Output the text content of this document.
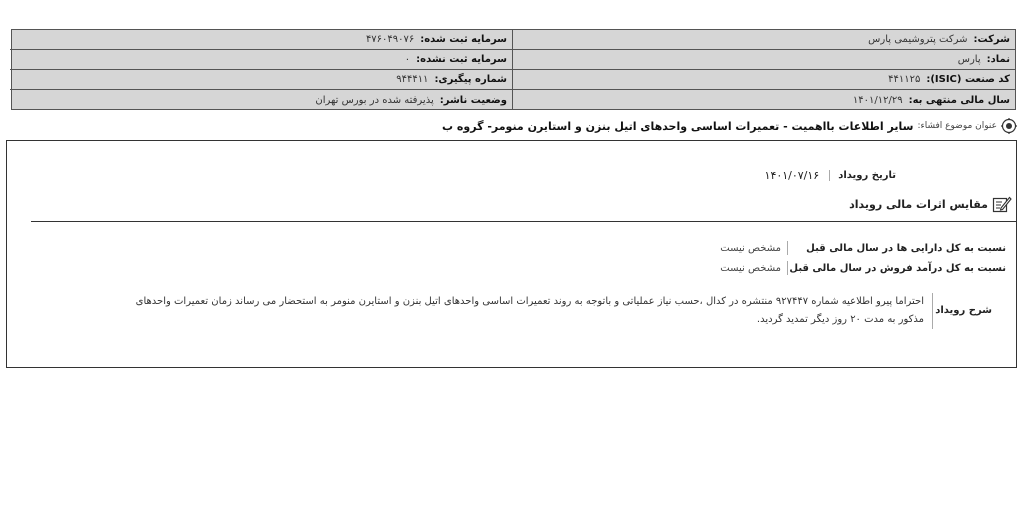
شرکت:
شرکت پتروشیمی پارس
سرمایه ثبت شده:
۴۷۶۰۴۹۰۷۶
نماد:
پارس
سرمایه ثبت نشده:
۰
کد صنعت (ISIC):
۴۴۱۱۲۵
شماره پیگیری:
۹۴۴۴۱۱
سال مالی منتهی به:
۱۴۰۱/۱۲/۲۹
وضعیت ناشر:
پذیرفته شده در بورس تهران
عنوان موضوع افشاء:
سایر اطلاعات بااهمیت - تعمیرات اساسی واحدهای اتیل بنزن و استایرن منومر- گروه ب
تاریخ رویداد
۱۴۰۱/۰۷/۱۶
مقایس اثرات مالی رویداد
نسبت به کل دارایی ها در سال مالی قبل
مشخص نیست
نسبت به کل درآمد فروش در سال مالی قبل
مشخص نیست
شرح رویداد

احتراما پیرو اطلاعیه شماره ۹۲۷۴۴۷ منتشره در کدال ،حسب نیاز عملیاتی و باتوجه به روند تعمیرات اساسی واحدهای اتیل بنزن و استایرن منومر به استحضار می رساند زمان تعمیرات واحدهای مذکور به مدت ۲۰ روز دیگر تمدید گردید.
